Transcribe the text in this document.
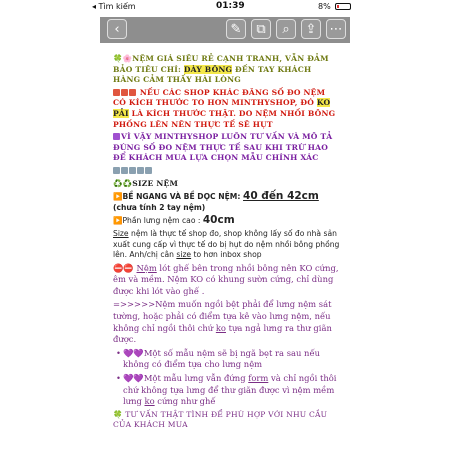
◂ Tìm kiếm	01:39	8%
‹	✎	⧉	⌕	⇪	⋯
🍀🌸NỆM GIÁ SIÊU RẺ CẠNH TRANH, VẪN ĐẢM BẢO TIÊU CHÍ: DÀY BÔNG ĐẾN TAY KHÁCH HÀNG CẢM THẤY HÀI LÒNG
NẾU CÁC SHOP KHÁC ĐĂNG SỐ ĐO NỆM CÓ KÍCH THƯỚC TO HƠN MINTHYSHOP, ĐÓ KO PẢI LÀ KÍCH THƯỚC THẬT. DO NỆM NHỒI BÔNG PHỒNG LÊN NÊN THỰC TẾ SẼ HỤT
VÌ VẬY MINTHYSHOP LUÔN TƯ VẤN VÀ MÔ TẢ ĐÚNG SỐ ĐO NỆM THỰC TẾ SAU KHI TRỪ HAO ĐỂ KHÁCH MUA LỰA CHỌN MẪU CHÍNH XÁC
♻️♻️SIZE NỆM
▶️BỀ NGANG VÀ BỀ DỌC NỆM: 40 đến 42cm (chưa tính 2 tay nệm)
▶️Phần lưng nệm cao : 40cm
Size nệm là thực tế shop đo, shop không lấy số đo nhà sản xuất cung cấp vì thực tế do bị hụt do nệm nhồi bông phồng lên. Anh/chị cân size to hơn inbox shop
⛔⛔ Nệm lót ghế bên trong nhồi bông nên KO cứng, êm và mềm. Nệm KO có khung sườn cứng, chỉ dùng được khi lót vào ghế .
=>>>>>Nệm muốn ngồi bệt phải để lưng nệm sát tường, hoặc phải có điểm tựa kê vào lưng nệm, nếu không chỉ ngồi thôi chứ ko tựa ngả lưng ra thư giãn được.
• 💜💜Một số mẫu nệm sẽ bị ngã bẹt ra sau nếu không có điểm tựa cho lưng nệm
• 💜💜Một mẫu lưng vẫn đứng form và chỉ ngồi thôi chứ không tựa lưng để thư giãn được vì nệm mềm lưng ko cứng như ghế
🍀 TƯ VẤN THẬT TÌNH ĐỂ PHÙ HỢP VỚI NHU CẦU CỦA KHÁCH MUA
